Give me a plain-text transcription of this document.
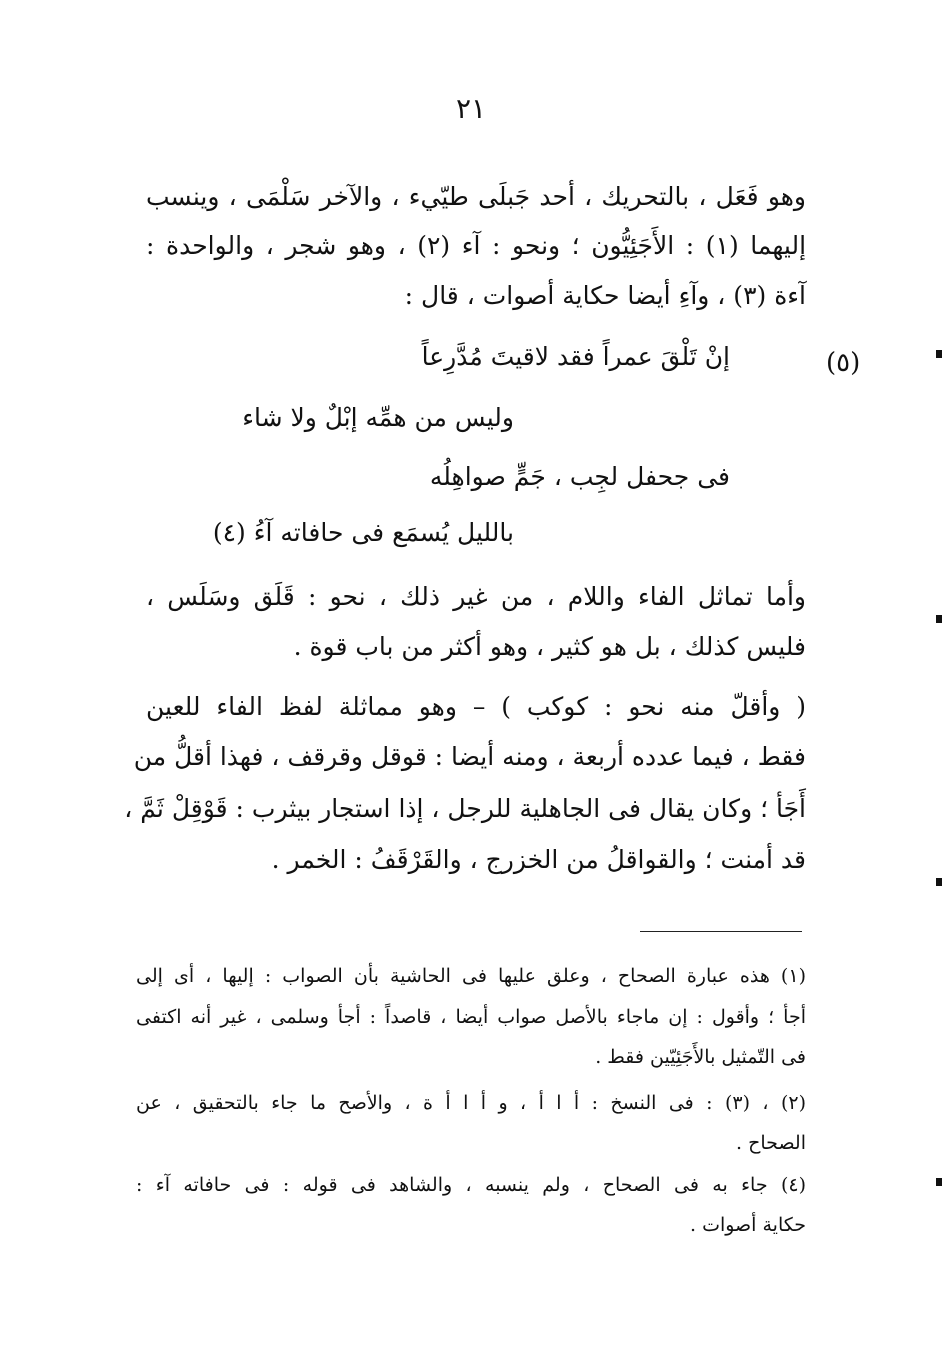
٢١
وهو فَعَل ، بالتحريك ، أحد جَبلَى طيّيء ، والآخر سَلْمَى ، وينسب
إليهما (١) : الأَجَئِيُّون ؛ ونحو : آء (٢) ، وهو شجر ، والواحدة :
آءة (٣) ، وآءِ أيضا حكاية أصوات ، قال :
(٥)
إنْ تَلْقَ عمراً فقد لاقيتَ مُدَّرِعاً
وليس من همِّه إبْلٌ ولا شاء
فى جحفل لجِب ، جَمٍّ صواهِلُه
بالليل يُسمَع فى حافاته آءُ (٤)
وأما تماثل الفاء واللام ، من غير ذلك ، نحو : قَلَق وسَلَس ،
فليس كذلك ، بل هو كثير ، وهو أكثر من باب قوة .
( وأقلّ منه نحو : كوكب ) – وهو مماثلة لفظ الفاء للعين
فقط ، فيما عدده أربعة ، ومنه أيضا : قوقل وقرقف ، فهذا أقلُّ من
أَجَأ ؛ وكان يقال فى الجاهلية للرجل ، إذا استجار بيثرب : قَوْقِلْ ثَمَّ ،
قد أمنت ؛ والقواقلُ من الخزرج ، والقَرْقَفُ : الخمر .
(١) هذه عبارة الصحاح ، وعلق عليها فى الحاشية بأن الصواب : إليها ، أى إلى
أجأ ؛ وأقول : إن ماجاء بالأصل صواب أيضا ، قاصداً : أجأ وسلمى ، غير أنه اكتفى
فى التّمثيل بالأَجَئِيّين فقط .
(٢) ، (٣) : فى النسخ : أ ا أ ، و أ ا أ ة ، والأصح ما جاء بالتحقيق ، عن
الصحاح .
(٤) جاء به فى الصحاح ، ولم ينسبه ، والشاهد فى قوله : فى حافاته آء :
حكاية أصوات .
